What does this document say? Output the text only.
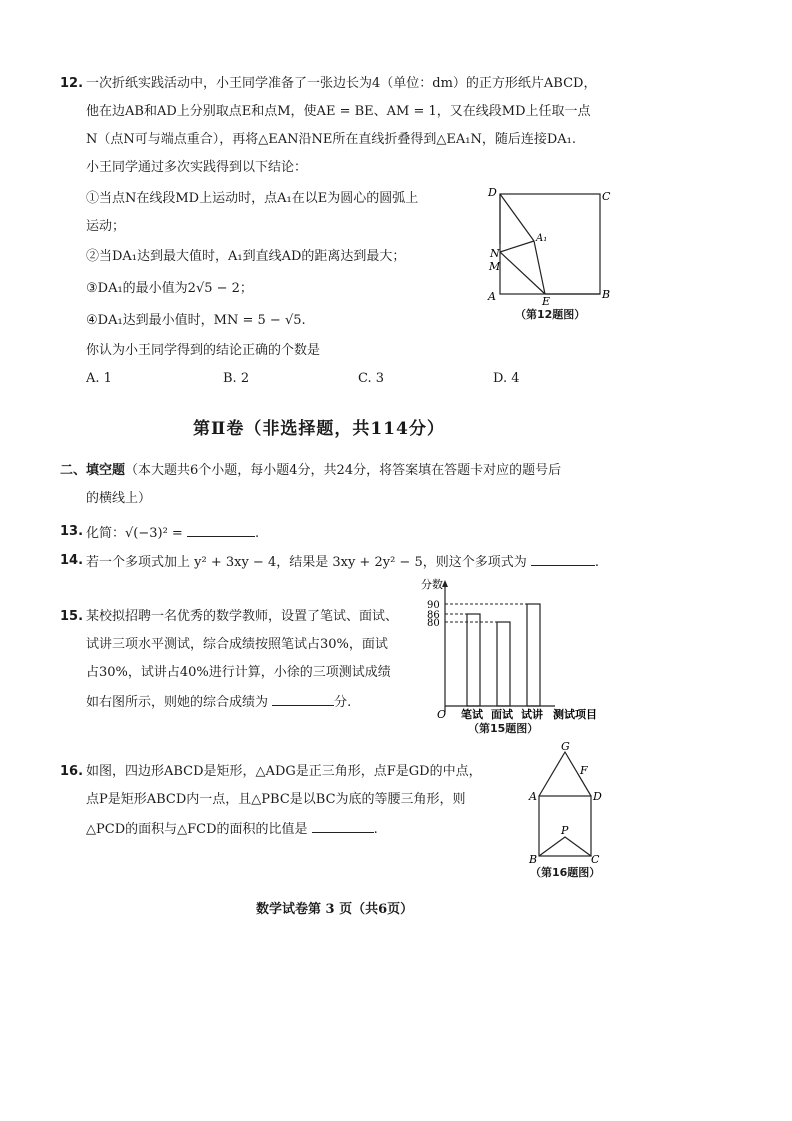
12. 一次折纸实践活动中，小王同学准备了一张边长为4（单位：dm）的正方形纸片ABCD，
他在边AB和AD上分别取点E和点M，使AE = BE、AM = 1，又在线段MD上任取一点
N（点N可与端点重合），再将△EAN沿NE所在直线折叠得到△EA₁N，随后连接DA₁.
小王同学通过多次实践得到以下结论：
①当点N在线段MD上运动时，点A₁在以E为圆心的圆弧上
运动；
②当DA₁达到最大值时，A₁到直线AD的距离达到最大；
③DA₁的最小值为2√5 − 2；
④DA₁达到最小值时，MN = 5 − √5.
你认为小王同学得到的结论正确的个数是
A. 1	B. 2	C. 3	D. 4
D	C
A	B
E
N
M
A₁
（第12题图）
第Ⅱ卷（非选择题，共114分）
二、填空题（本大题共6个小题，每小题4分，共24分，将答案填在答题卡对应的题号后
的横线上）
13. 化简：√(−3)² =	.
14. 若一个多项式加上 y² + 3xy − 4，结果是 3xy + 2y² − 5，则这个多项式为	.
15. 某校拟招聘一名优秀的数学教师，设置了笔试、面试、
试讲三项水平测试，综合成绩按照笔试占30%，面试
占30%，试讲占40%进行计算，小徐的三项测试成绩
如右图所示，则她的综合成绩为	分.
分数
O	测试项目
笔试 面试 试讲
80
86
90
（第15题图）
16. 如图，四边形ABCD是矩形，△ADG是正三角形，点F是GD的中点，
点P是矩形ABCD内一点，且△PBC是以BC为底的等腰三角形，则
△PCD的面积与△FCD的面积的比值是	.
G
F
A	D
P
B	C
（第16题图）
数学试卷第 3 页（共6页）
